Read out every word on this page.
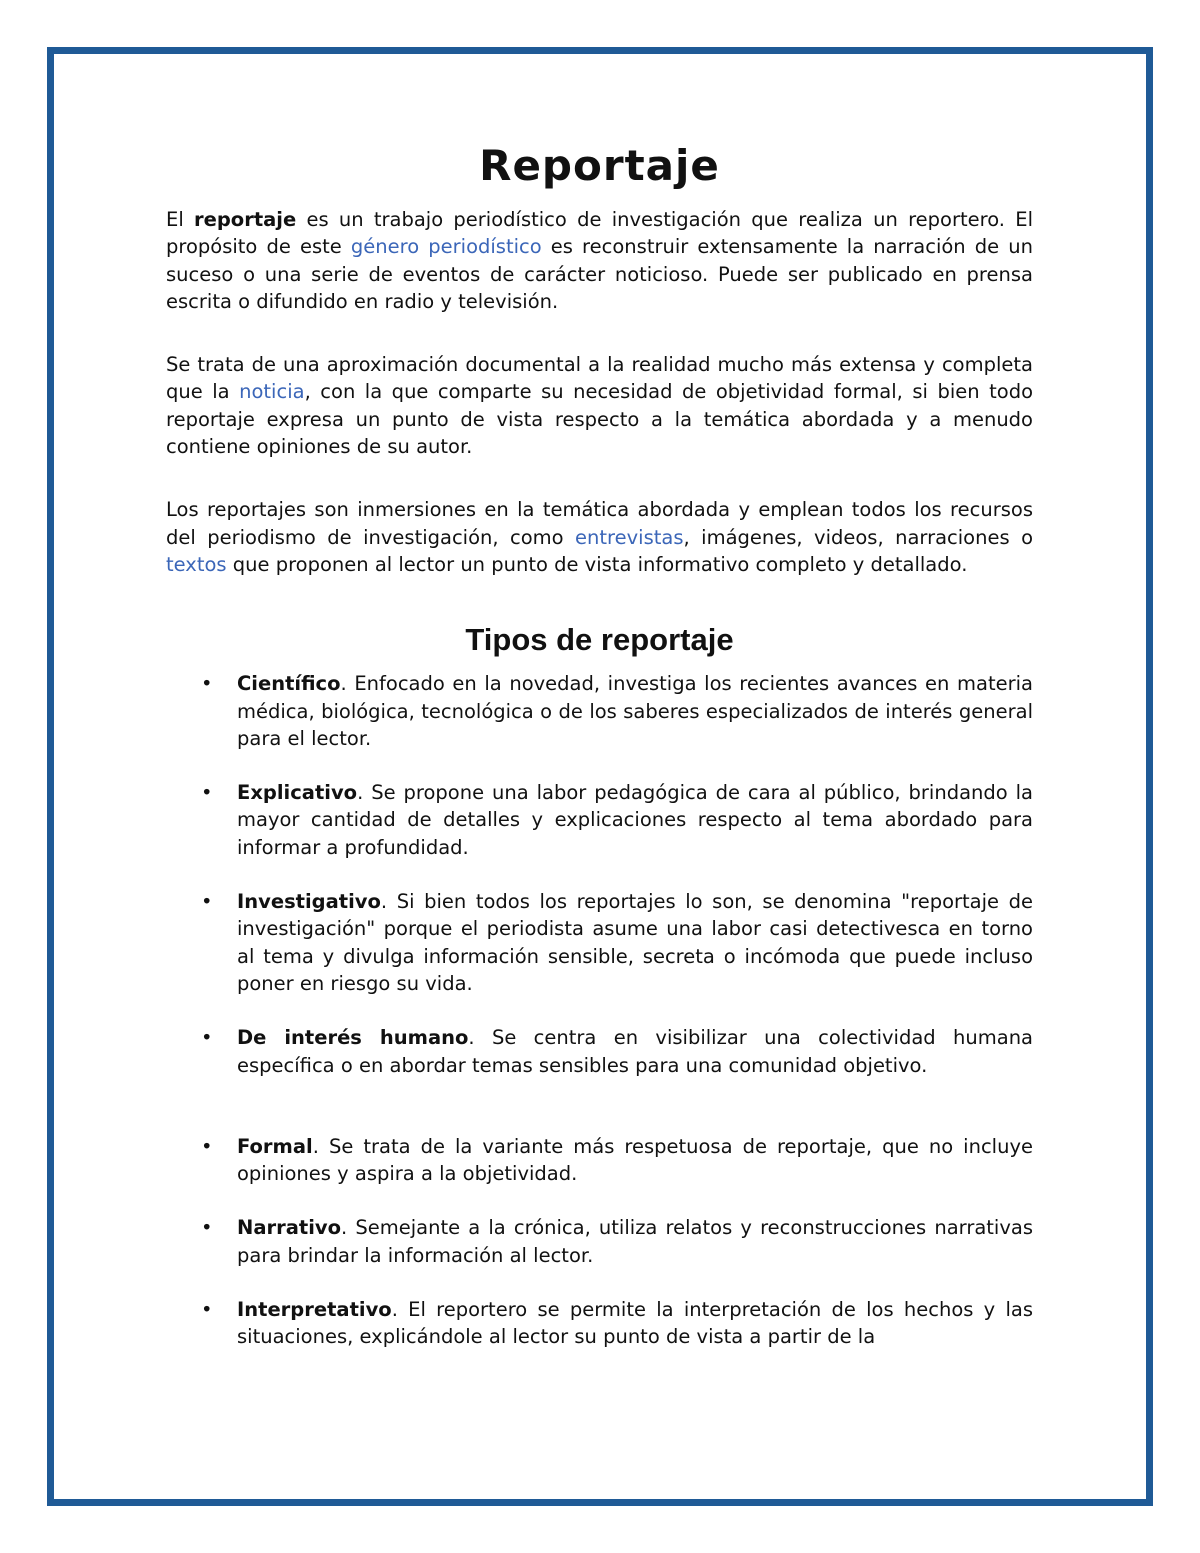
Reportaje

El reportaje es un trabajo periodístico de investigación que realiza un reportero. El propósito de este género periodístico es reconstruir extensamente la narración de un suceso o una serie de eventos de carácter noticioso. Puede ser publicado en prensa escrita o difundido en radio y televisión.

Se trata de una aproximación documental a la realidad mucho más extensa y completa que la noticia, con la que comparte su necesidad de objetividad formal, si bien todo reportaje expresa un punto de vista respecto a la temática abordada y a menudo contiene opiniones de su autor.

Los reportajes son inmersiones en la temática abordada y emplean todos los recursos del periodismo de investigación, como entrevistas, imágenes, videos, narraciones o textos que proponen al lector un punto de vista informativo completo y detallado.

Tipos de reportaje
• Científico. Enfocado en la novedad, investiga los recientes avances en materia médica, biológica, tecnológica o de los saberes especializados de interés general para el lector.
• Explicativo. Se propone una labor pedagógica de cara al público, brindando la mayor cantidad de detalles y explicaciones respecto al tema abordado para informar a profundidad.
• Investigativo. Si bien todos los reportajes lo son, se denomina "reportaje de investigación" porque el periodista asume una labor casi detectivesca en torno al tema y divulga información sensible, secreta o incómoda que puede incluso poner en riesgo su vida.
• De interés humano. Se centra en visibilizar una colectividad humana específica o en abordar temas sensibles para una comunidad objetivo.
• Formal. Se trata de la variante más respetuosa de reportaje, que no incluye opiniones y aspira a la objetividad.
• Narrativo. Semejante a la crónica, utiliza relatos y reconstrucciones narrativas para brindar la información al lector.
• Interpretativo. El reportero se permite la interpretación de los hechos y las situaciones, explicándole al lector su punto de vista a partir de la
